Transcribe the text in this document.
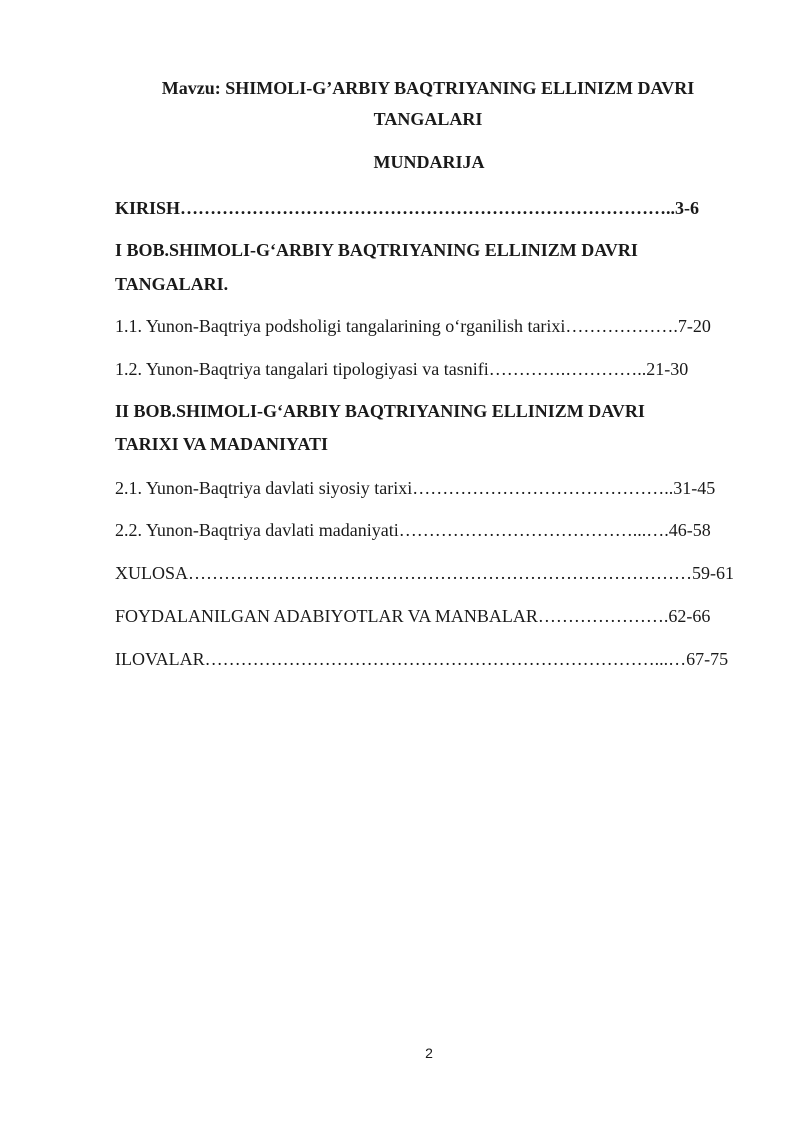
Mavzu: SHIMOLI-G’ARBIY BAQTRIYANING ELLINIZM DAVRI
TANGALARI
MUNDARIJA
KIRISH………………………………………………………………………..3-6
I BOB.SHIMOLI-G‘ARBIY BAQTRIYANING ELLINIZM DAVRI
TANGALARI.
1.1. Yunon-Baqtriya podsholigi tangalarining o‘rganilish tarixi……………….7-20
1.2. Yunon-Baqtriya tangalari tipologiyasi va tasnifi………….…………..21-30
II BOB.SHIMOLI-G‘ARBIY BAQTRIYANING ELLINIZM DAVRI
TARIXI VA MADANIYATI
2.1. Yunon-Baqtriya davlati siyosiy tarixi……………………………………..31-45
2.2. Yunon-Baqtriya davlati madaniyati…………………………………...….46-58
XULOSA…………………………………………………………………………59-61
FOYDALANILGAN ADABIYOTLAR VA MANBALAR………………….62-66
ILOVALAR…………………………………………………………………...…67-75
2
